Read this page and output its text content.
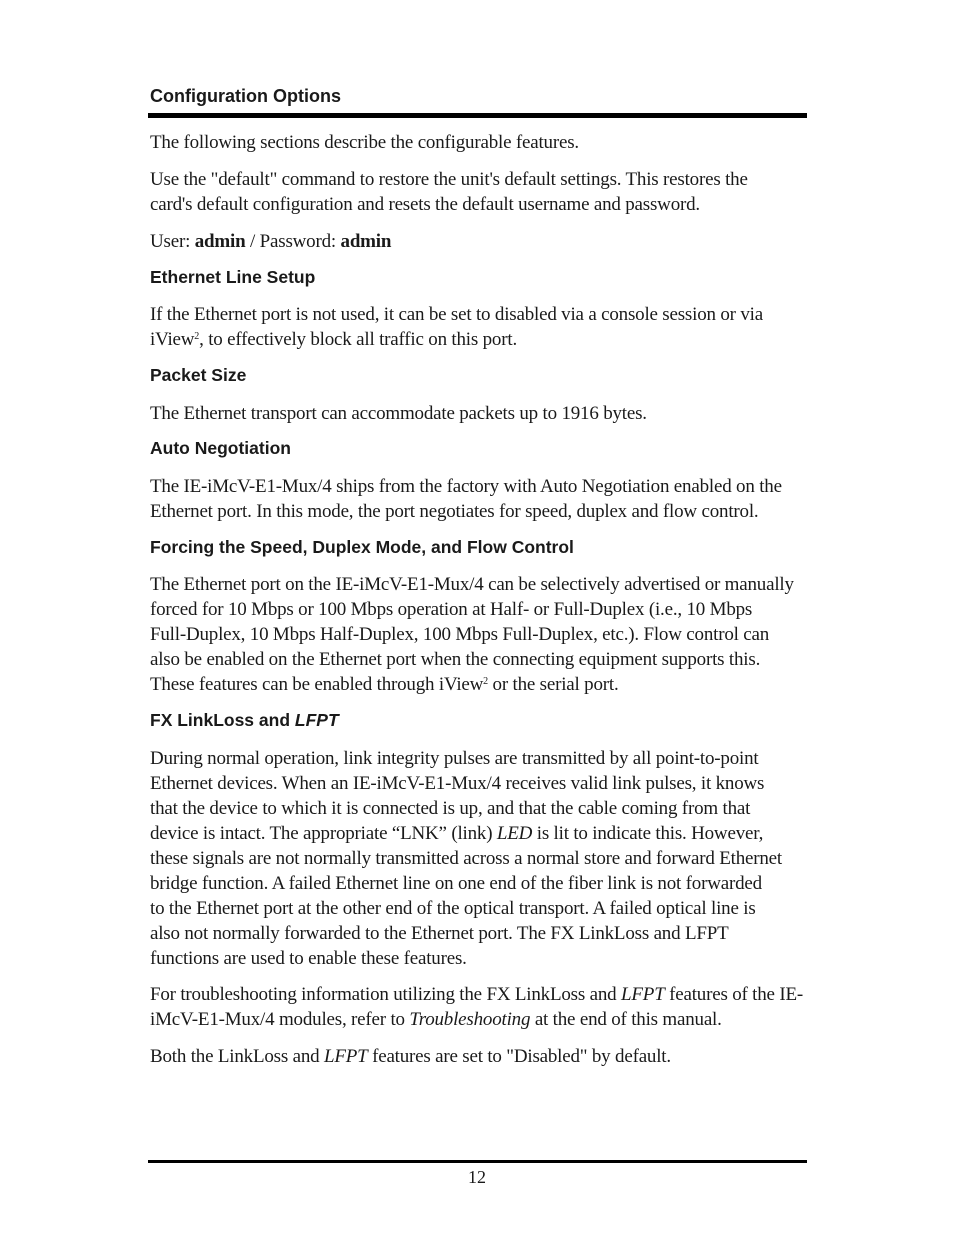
Configuration Options

The following sections describe the configurable features.

Use the "default" command to restore the unit's default settings. This restores the

card's default configuration and resets the default username and password.

User: admin / Password: admin

Ethernet Line Setup

If the Ethernet port is not used, it can be set to disabled via a console session or via

iView$^2$, to effectively block all traffic on this port.

Packet Size

The Ethernet transport can accommodate packets up to 1916 bytes.

Auto Negotiation

The IE-iMcV-E1-Mux/4 ships from the factory with Auto Negotiation enabled on the

Ethernet port. In this mode, the port negotiates for speed, duplex and flow control.

Forcing the Speed, Duplex Mode, and Flow Control

The Ethernet port on the IE-iMcV-E1-Mux/4 can be selectively advertised or manually

forced for 10 Mbps or 100 Mbps operation at Half- or Full-Duplex (i.e., 10 Mbps

Full-Duplex, 10 Mbps Half-Duplex, 100 Mbps Full-Duplex, etc.). Flow control can

also be enabled on the Ethernet port when the connecting equipment supports this.

These features can be enabled through iView$^2$ or the serial port.

FX LinkLoss and LFPT

During normal operation, link integrity pulses are transmitted by all point-to-point

Ethernet devices. When an IE-iMcV-E1-Mux/4 receives valid link pulses, it knows

that the device to which it is connected is up, and that the cable coming from that

device is intact. The appropriate “LNK” (link) LED is lit to indicate this. However,

these signals are not normally transmitted across a normal store and forward Ethernet

bridge function. A failed Ethernet line on one end of the fiber link is not forwarded

to the Ethernet port at the other end of the optical transport. A failed optical line is

also not normally forwarded to the Ethernet port. The FX LinkLoss and LFPT

functions are used to enable these features.

For troubleshooting information utilizing the FX LinkLoss and LFPT features of the IE-

iMcV-E1-Mux/4 modules, refer to Troubleshooting at the end of this manual.

Both the LinkLoss and LFPT features are set to "Disabled" by default.

12
